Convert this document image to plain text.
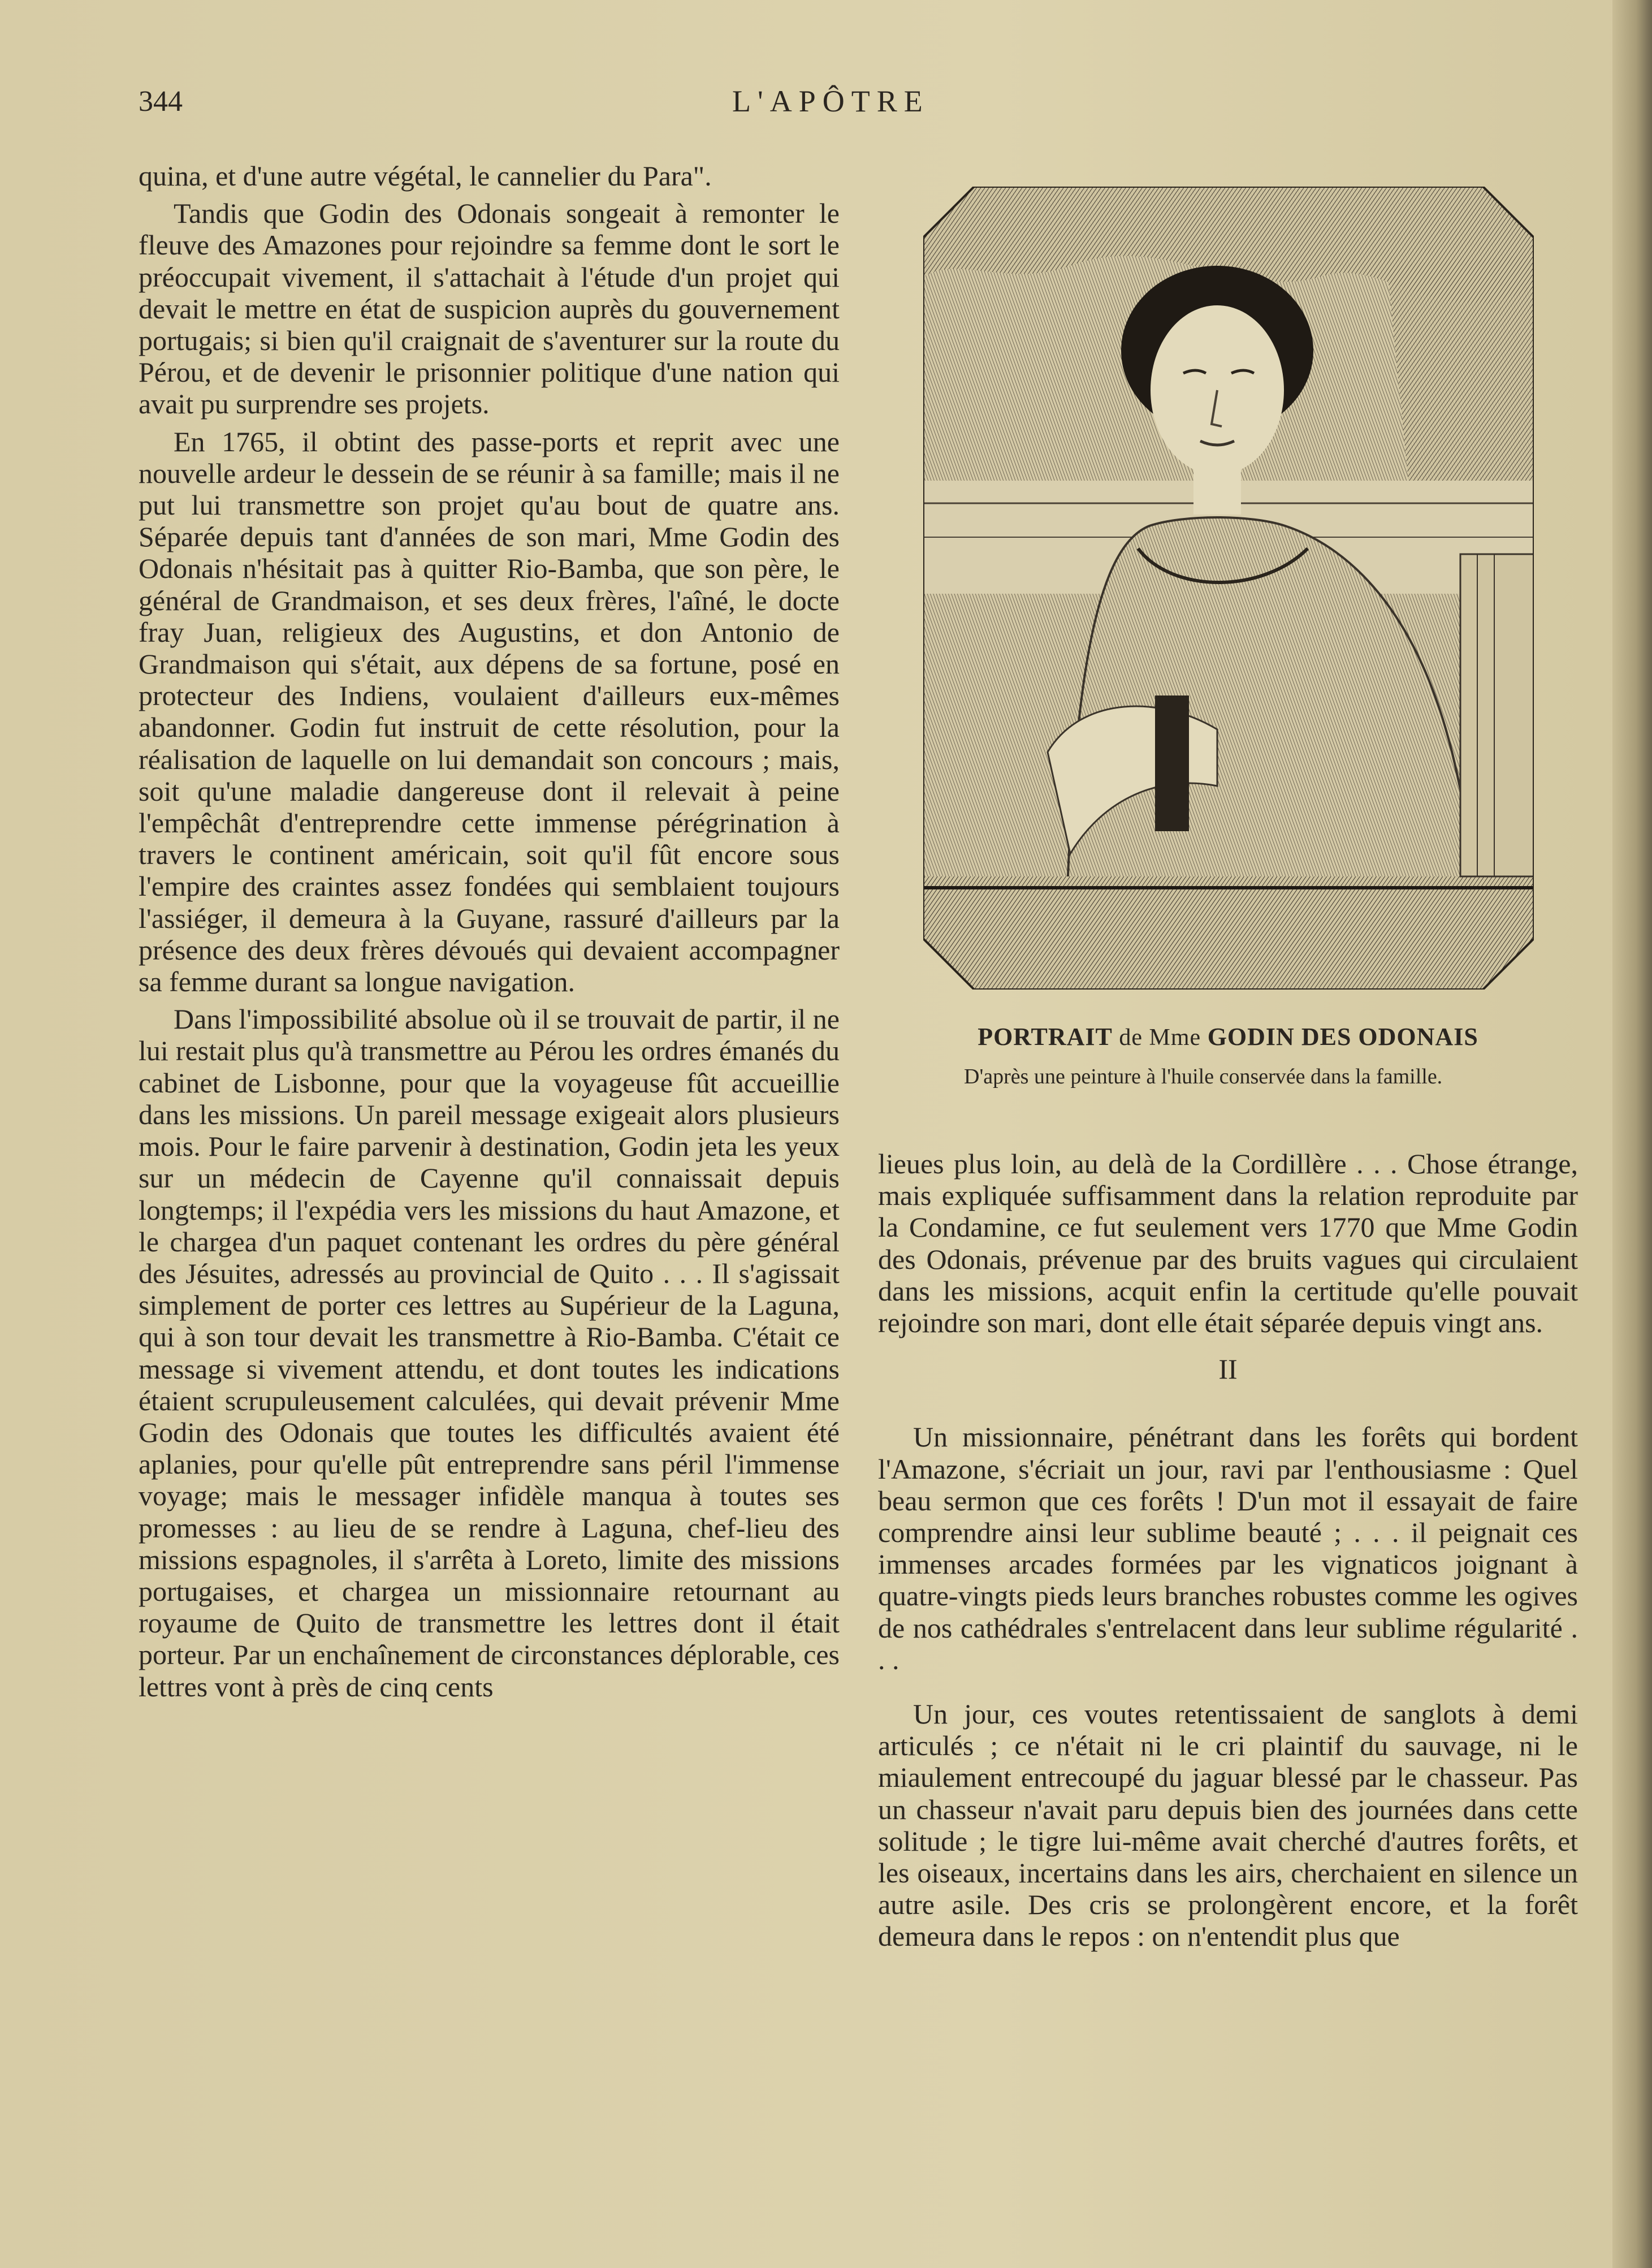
344	L'APÔTRE

quina, et d'une autre végétal, le cannelier du Para".

Tandis que Godin des Odonais songeait à remonter le fleuve des Amazones pour rejoindre sa femme dont le sort le préoccupait vivement, il s'attachait à l'étude d'un projet qui devait le mettre en état de suspicion auprès du gouvernement portugais; si bien qu'il craignait de s'aventurer sur la route du Pérou, et de devenir le prisonnier politique d'une nation qui avait pu surprendre ses projets.

En 1765, il obtint des passe-ports et reprit avec une nouvelle ardeur le dessein de se réunir à sa famille; mais il ne put lui transmettre son projet qu'au bout de quatre ans. Séparée depuis tant d'années de son mari, Mme Godin des Odonais n'hésitait pas à quitter Rio-Bamba, que son père, le général de Grandmaison, et ses deux frères, l'aîné, le docte fray Juan, religieux des Augustins, et don Antonio de Grandmaison qui s'était, aux dépens de sa fortune, posé en protecteur des Indiens, voulaient d'ailleurs eux-mêmes abandonner. Godin fut instruit de cette résolution, pour la réalisation de laquelle on lui demandait son concours ; mais, soit qu'une maladie dangereuse dont il relevait à peine l'empêchât d'entreprendre cette immense pérégrination à travers le continent américain, soit qu'il fût encore sous l'empire des craintes assez fondées qui semblaient toujours l'assiéger, il demeura à la Guyane, rassuré d'ailleurs par la présence des deux frères dévoués qui devaient accompagner sa femme durant sa longue navigation.

Dans l'impossibilité absolue où il se trouvait de partir, il ne lui restait plus qu'à transmettre au Pérou les ordres émanés du cabinet de Lisbonne, pour que la voyageuse fût accueillie dans les missions. Un pareil message exigeait alors plusieurs mois. Pour le faire parvenir à destination, Godin jeta les yeux sur un médecin de Cayenne qu'il connaissait depuis longtemps; il l'expédia vers les missions du haut Amazone, et le chargea d'un paquet contenant les ordres du père général des Jésuites, adressés au provincial de Quito . . . Il s'agissait simplement de porter ces lettres au Supérieur de la Laguna, qui à son tour devait les transmettre à Rio-Bamba. C'était ce message si vivement attendu, et dont toutes les indications étaient scrupuleusement calculées, qui devait prévenir Mme Godin des Odonais que toutes les difficultés avaient été aplanies, pour qu'elle pût entreprendre sans péril l'immense voyage; mais le messager infidèle manqua à toutes ses promesses : au lieu de se rendre à Laguna, chef-lieu des missions espagnoles, il s'arrêta à Loreto, limite des missions portugaises, et chargea un missionnaire retournant au royaume de Quito de transmettre les lettres dont il était porteur. Par un enchaînement de circonstances déplorable, ces lettres vont à près de cinq cents

PORTRAIT de Mme GODIN DES ODONAIS
D'après une peinture à l'huile conservée dans la famille.

lieues plus loin, au delà de la Cordillère . . . Chose étrange, mais expliquée suffisamment dans la relation reproduite par la Condamine, ce fut seulement vers 1770 que Mme Godin des Odonais, prévenue par des bruits vagues qui circulaient dans les missions, acquit enfin la certitude qu'elle pouvait rejoindre son mari, dont elle était séparée depuis vingt ans.

II

Un missionnaire, pénétrant dans les forêts qui bordent l'Amazone, s'écriait un jour, ravi par l'enthousiasme : Quel beau sermon que ces forêts ! D'un mot il essayait de faire comprendre ainsi leur sublime beauté ; . . . il peignait ces immenses arcades formées par les vignaticos joignant à quatre-vingts pieds leurs branches robustes comme les ogives de nos cathédrales s'entrelacent dans leur sublime régularité . . .

Un jour, ces voutes retentissaient de sanglots à demi articulés ; ce n'était ni le cri plaintif du sauvage, ni le miaulement entrecoupé du jaguar blessé par le chasseur. Pas un chasseur n'avait paru depuis bien des journées dans cette solitude ; le tigre lui-même avait cherché d'autres forêts, et les oiseaux, incertains dans les airs, cherchaient en silence un autre asile. Des cris se prolongèrent encore, et la forêt demeura dans le repos : on n'entendit plus que
